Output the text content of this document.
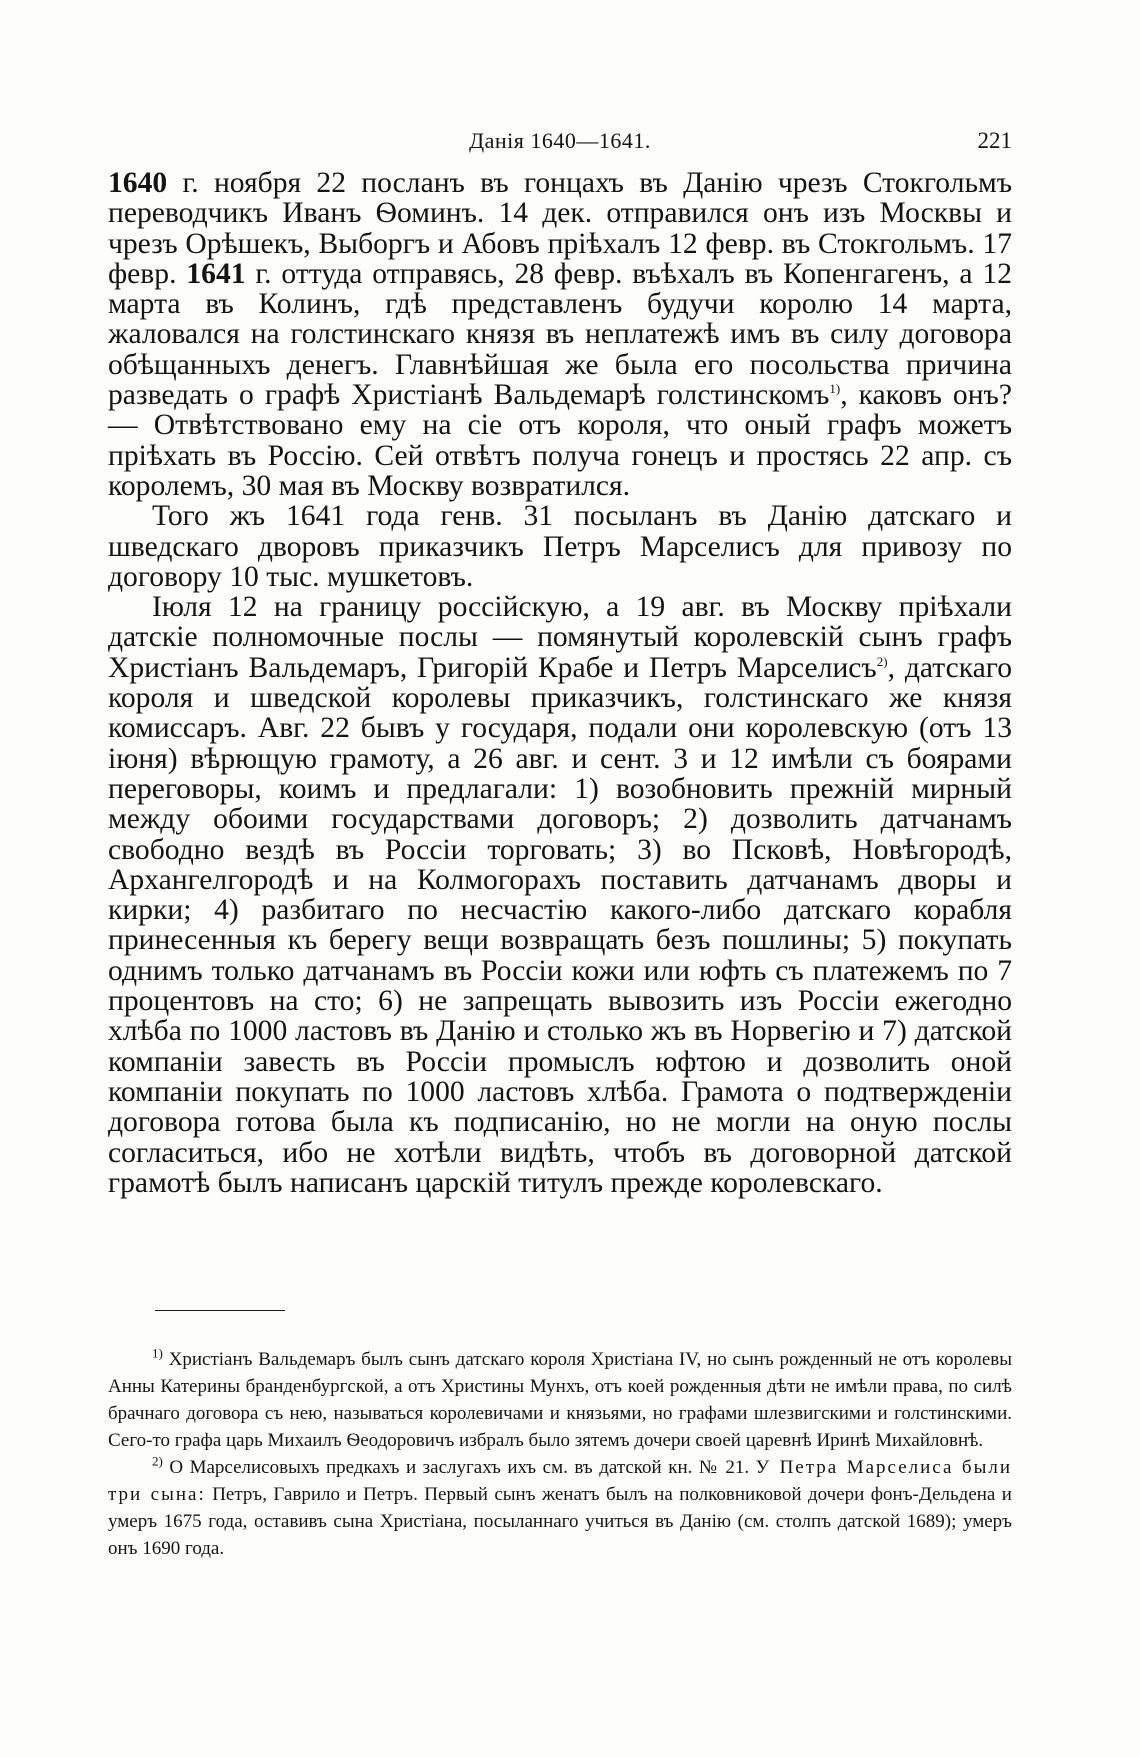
Данія 1640—1641.	221

1640 г. ноября 22 посланъ въ гонцахъ въ Данію чрезъ Стокгольмъ переводчикъ Иванъ Ѳоминъ. 14 дек. отправился онъ изъ Москвы и чрезъ Орѣшекъ, Выборгъ и Абовъ пріѣхалъ 12 февр. въ Стокгольмъ. 17 февр. 1641 г. оттуда отправясь, 28 февр. въѣхалъ въ Копенгагенъ, а 12 марта въ Колинъ, гдѣ представленъ будучи королю 14 марта, жаловался на голстинскаго князя въ неплатежѣ имъ въ силу договора обѣщанныхъ денегъ. Главнѣйшая же была его посольства причина разведать о графѣ Христіанѣ Вальдемарѣ голстинскомъ$^{1)}$, каковъ онъ? — Отвѣтствовано ему на сіе отъ короля, что оный графъ можетъ пріѣхать въ Россію. Сей отвѣтъ получа гонецъ и простясь 22 апр. съ королемъ, 30 мая въ Москву возвратился.

Того жъ 1641 года генв. 31 посыланъ въ Данію датскаго и шведскаго дворовъ приказчикъ Петръ Марселисъ для привозу по договору 10 тыс. мушкетовъ.

Іюля 12 на границу россійскую, а 19 авг. въ Москву пріѣхали датскіе полномочные послы — помянутый королевскій сынъ графъ Христіанъ Вальдемаръ, Григорій Крабе и Петръ Марселисъ$^{2)}$, датскаго короля и шведской королевы приказчикъ, голстинскаго же князя комиссаръ. Авг. 22 бывъ у государя, подали они королевскую (отъ 13 іюня) вѣрющую грамоту, а 26 авг. и сент. 3 и 12 имѣли съ боярами переговоры, коимъ и предлагали: 1) возобновить прежній мирный между обоими государствами договоръ; 2) дозволить датчанамъ свободно вездѣ въ Россіи торговать; 3) во Псковѣ, Новѣгородѣ, Архангелгородѣ и на Колмогорахъ поставить датчанамъ дворы и кирки; 4) разбитаго по несчастію какого-либо датскаго корабля принесенныя къ берегу вещи возвращать безъ пошлины; 5) покупать однимъ только датчанамъ въ Россіи кожи или юфть съ платежемъ по 7 процентовъ на сто; 6) не запрещать вывозить изъ Россіи ежегодно хлѣба по 1000 ластовъ въ Данію и столько жъ въ Норвегію и 7) датской компаніи завесть въ Россіи промыслъ юфтою и дозволить оной компаніи покупать по 1000 ластовъ хлѣба. Грамота о подтвержденіи договора готова была къ подписанію, но не могли на оную послы согласиться, ибо не хотѣли видѣть, чтобъ въ договорной датской грамотѣ былъ написанъ царскій титулъ прежде королевскаго.

$^{1)}$ Христіанъ Вальдемаръ былъ сынъ датскаго короля Христіана IV, но сынъ рожденный не отъ королевы Анны Катерины бранденбургской, а отъ Христины Мунхъ, отъ коей рожденныя дѣти не имѣли права, по силѣ брачнаго договора съ нею, называться королевичами и князьями, но графами шлезвигскими и голстинскими. Сего-то графа царь Михаилъ Ѳеодоровичъ избралъ было зятемъ дочери своей царевнѣ Иринѣ Михайловнѣ.

$^{2)}$ О Марселисовыхъ предкахъ и заслугахъ ихъ см. въ датской кн. № 21. У Петра Марселиса были три сына: Петръ, Гаврило и Петръ. Первый сынъ женатъ былъ на полковниковой дочери фонъ-Дельдена и умеръ 1675 года, оставивъ сына Христіана, посыланнаго учиться въ Данію (см. столпъ датской 1689); умеръ онъ 1690 года.
